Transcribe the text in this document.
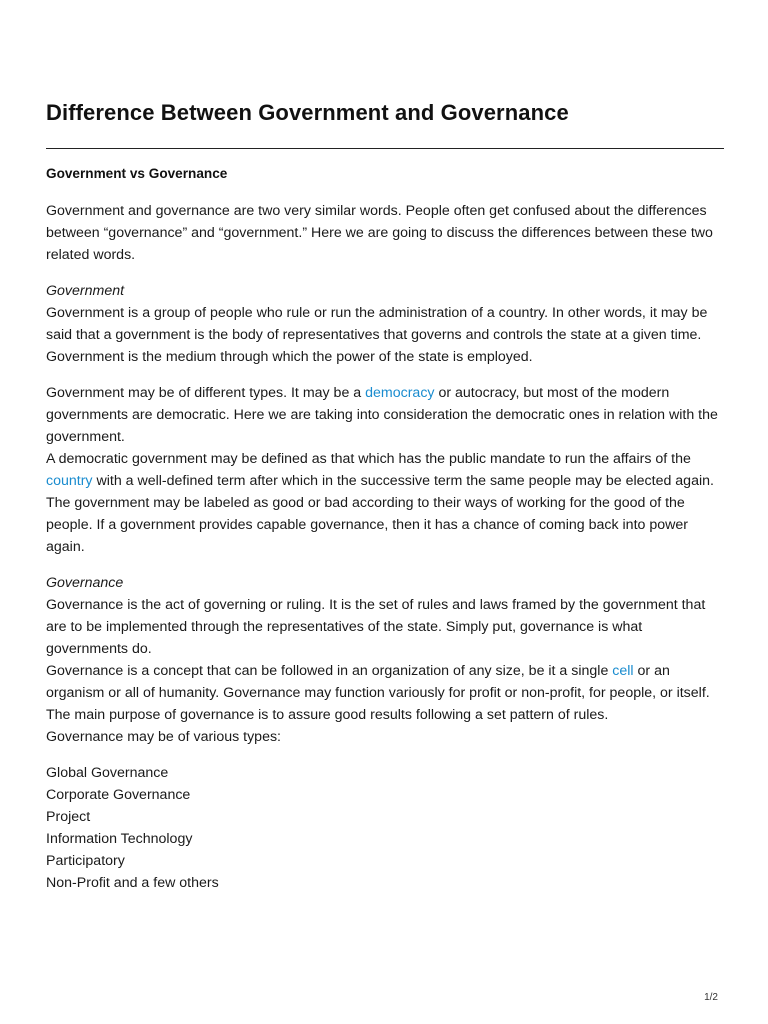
Difference Between Government and Governance
Government vs Governance

Government and governance are two very similar words. People often get confused about the differences between “governance” and “government.” Here we are going to discuss the differences between these two related words.

Government
Government is a group of people who rule or run the administration of a country. In other words, it may be said that a government is the body of representatives that governs and controls the state at a given time. Government is the medium through which the power of the state is employed.

Government may be of different types. It may be a democracy or autocracy, but most of the modern governments are democratic. Here we are taking into consideration the democratic ones in relation with the government.
A democratic government may be defined as that which has the public mandate to run the affairs of the country with a well-defined term after which in the successive term the same people may be elected again. The government may be labeled as good or bad according to their ways of working for the good of the people. If a government provides capable governance, then it has a chance of coming back into power again.

Governance
Governance is the act of governing or ruling. It is the set of rules and laws framed by the government that are to be implemented through the representatives of the state. Simply put, governance is what governments do.
Governance is a concept that can be followed in an organization of any size, be it a single cell or an organism or all of humanity. Governance may function variously for profit or non-profit, for people, or itself. The main purpose of governance is to assure good results following a set pattern of rules.
Governance may be of various types:

Global Governance
Corporate Governance
Project
Information Technology
Participatory
Non-Profit and a few others

1/2
